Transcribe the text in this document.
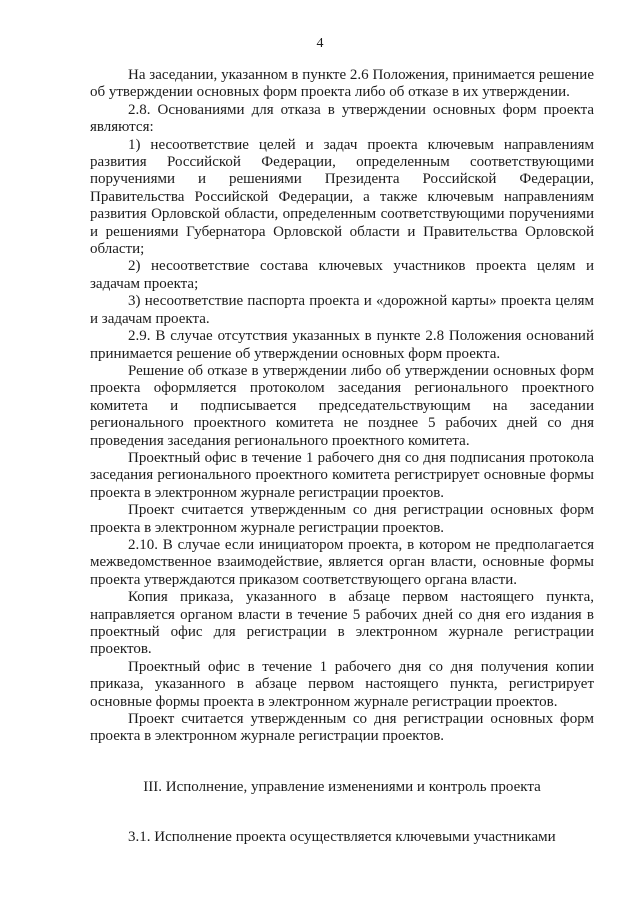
4

На заседании, указанном в пункте 2.6 Положения, принимается решение об утверждении основных форм проекта либо об отказе в их утверждении.

2.8. Основаниями для отказа в утверждении основных форм проекта являются:

1) несоответствие целей и задач проекта ключевым направлениям развития Российской Федерации, определенным соответствующими поручениями и решениями Президента Российской Федерации, Правительства Российской Федерации, а также ключевым направлениям развития Орловской области, определенным соответствующими поручениями и решениями Губернатора Орловской области и Правительства Орловской области;

2) несоответствие состава ключевых участников проекта целям и задачам проекта;

3) несоответствие паспорта проекта и «дорожной карты» проекта целям и задачам проекта.

2.9. В случае отсутствия указанных в пункте 2.8 Положения оснований принимается решение об утверждении основных форм проекта.

Решение об отказе в утверждении либо об утверждении основных форм проекта оформляется протоколом заседания регионального проектного комитета и подписывается председательствующим на заседании регионального проектного комитета не позднее 5 рабочих дней со дня проведения заседания регионального проектного комитета.

Проектный офис в течение 1 рабочего дня со дня подписания протокола заседания регионального проектного комитета регистрирует основные формы проекта в электронном журнале регистрации проектов.

Проект считается утвержденным со дня регистрации основных форм проекта в электронном журнале регистрации проектов.

2.10. В случае если инициатором проекта, в котором не предполагается межведомственное взаимодействие, является орган власти, основные формы проекта утверждаются приказом соответствующего органа власти.

Копия приказа, указанного в абзаце первом настоящего пункта, направляется органом власти в течение 5 рабочих дней со дня его издания в проектный офис для регистрации в электронном журнале регистрации проектов.

Проектный офис в течение 1 рабочего дня со дня получения копии приказа, указанного в абзаце первом настоящего пункта, регистрирует основные формы проекта в электронном журнале регистрации проектов.

Проект считается утвержденным со дня регистрации основных форм проекта в электронном журнале регистрации проектов.

III. Исполнение, управление изменениями и контроль проекта

3.1. Исполнение проекта осуществляется ключевыми участниками
